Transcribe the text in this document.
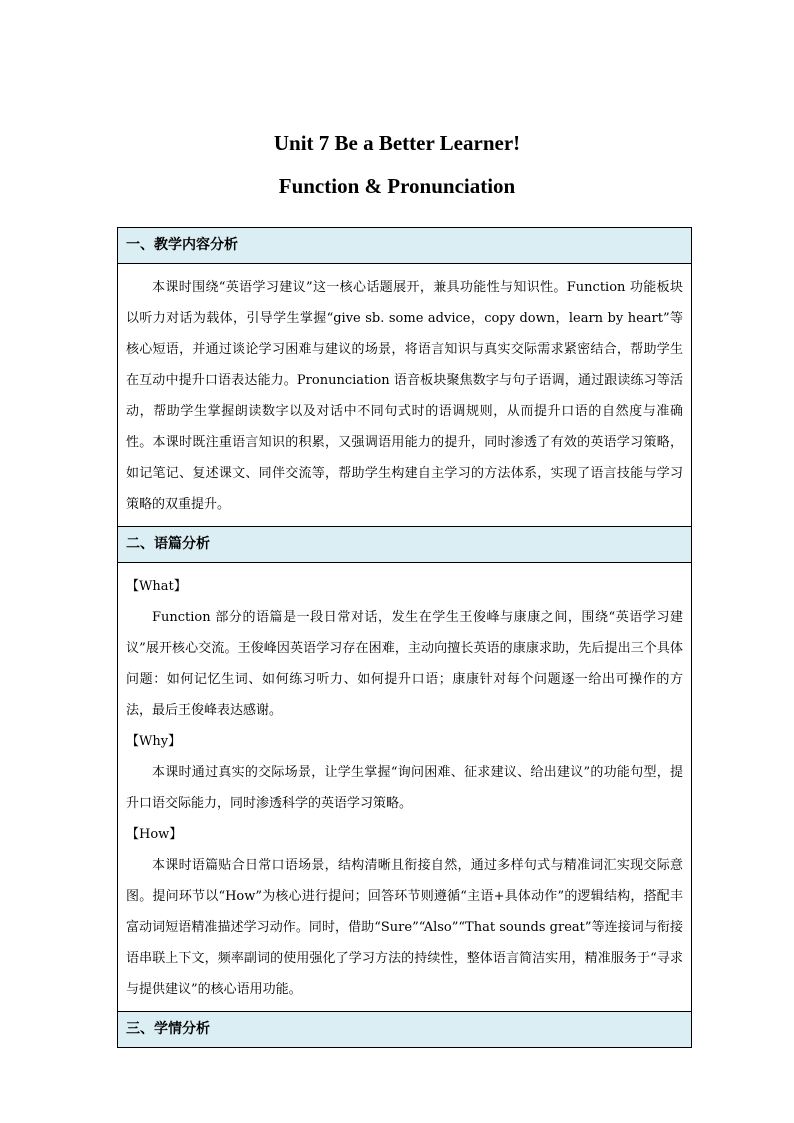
Unit 7 Be a Better Learner!
Function & Pronunciation
一、教学内容分析

本课时围绕“英语学习建议”这一核心话题展开，兼具功能性与知识性。Function 功能板块以听力对话为载体，引导学生掌握“give sb. some advice，copy down，learn by heart”等核心短语，并通过谈论学习困难与建议的场景，将语言知识与真实交际需求紧密结合，帮助学生在互动中提升口语表达能力。Pronunciation 语音板块聚焦数字与句子语调，通过跟读练习等活动，帮助学生掌握朗读数字以及对话中不同句式时的语调规则，从而提升口语的自然度与准确性。本课时既注重语言知识的积累，又强调语用能力的提升，同时渗透了有效的英语学习策略，如记笔记、复述课文、同伴交流等，帮助学生构建自主学习的方法体系，实现了语言技能与学习策略的双重提升。

二、语篇分析

【What】

Function 部分的语篇是一段日常对话，发生在学生王俊峰与康康之间，围绕“英语学习建议”展开核心交流。王俊峰因英语学习存在困难，主动向擅长英语的康康求助，先后提出三个具体问题：如何记忆生词、如何练习听力、如何提升口语；康康针对每个问题逐一给出可操作的方法，最后王俊峰表达感谢。

【Why】

本课时通过真实的交际场景，让学生掌握“询问困难、征求建议、给出建议”的功能句型，提升口语交际能力，同时渗透科学的英语学习策略。

【How】

本课时语篇贴合日常口语场景，结构清晰且衔接自然，通过多样句式与精准词汇实现交际意图。提问环节以“How”为核心进行提问；回答环节则遵循“主语+具体动作”的逻辑结构，搭配丰富动词短语精准描述学习动作。同时，借助“Sure”“Also”“That sounds great”等连接词与衔接语串联上下文，频率副词的使用强化了学习方法的持续性，整体语言简洁实用，精准服务于“寻求与提供建议”的核心语用功能。

三、学情分析
